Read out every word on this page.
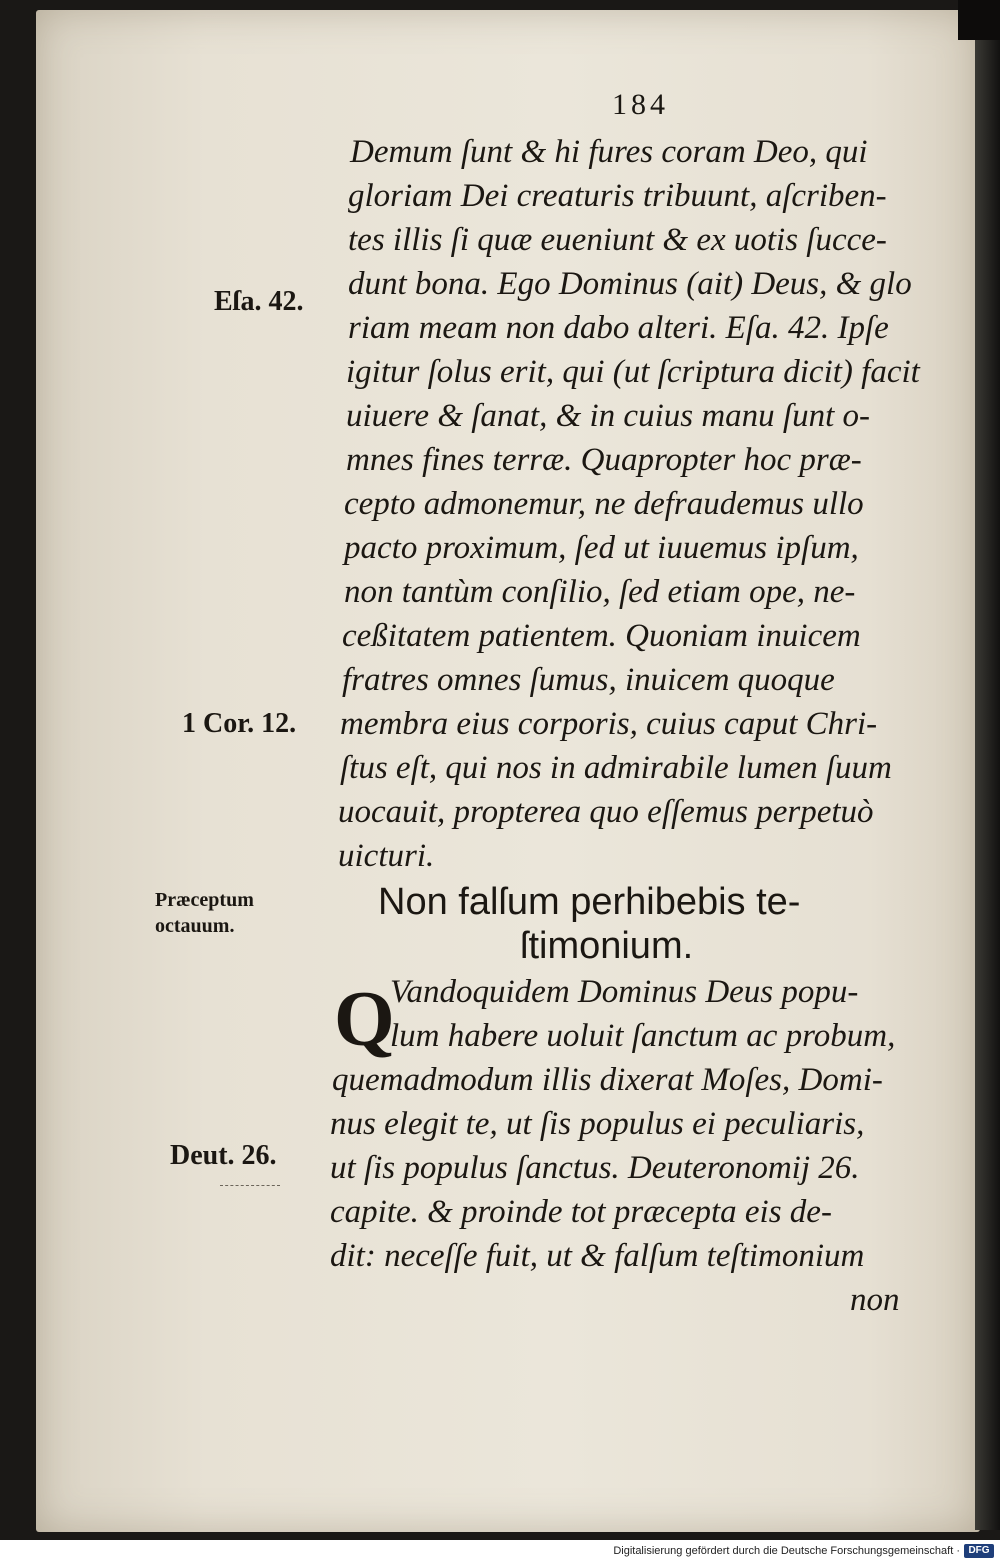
184
Demum ſunt & hi fures coram Deo, qui
gloriam Dei creaturis tribuunt, aſcriben-
tes illis ſi quæ eueniunt & ex uotis ſucce-
dunt bona. Ego Dominus (ait) Deus, & glo
riam meam non dabo alteri. Eſa. 42. Ipſe
igitur ſolus erit, qui (ut ſcriptura dicit) facit
uiuere & ſanat, & in cuius manu ſunt o-
mnes fines terræ. Quapropter hoc præ-
cepto admonemur, ne defraudemus ullo
pacto proximum, ſed ut iuuemus ipſum,
non tantùm conſilio, ſed etiam ope, ne-
ceßitatem patientem. Quoniam inuicem
fratres omnes ſumus, inuicem quoque
membra eius corporis, cuius caput Chri-
ſtus eſt, qui nos in admirabile lumen ſuum
uocauit, propterea quo eſſemus perpetuò
uicturi.
Non falſum perhibebis te-
ſtimonium.
Q
Vandoquidem Dominus Deus popu-
lum habere uoluit ſanctum ac probum,
quemadmodum illis dixerat Moſes, Domi-
nus elegit te, ut ſis populus ei peculiaris,
ut ſis populus ſanctus. Deuteronomij 26.
capite. & proinde tot præcepta eis de-
dit: neceſſe fuit, ut & falſum teſtimonium
non
Eſa. 42.
1 Cor. 12.
Præceptum
octauum.
Deut. 26.
Digitalisierung gefördert durch die Deutsche Forschungsgemeinschaft · DFG
